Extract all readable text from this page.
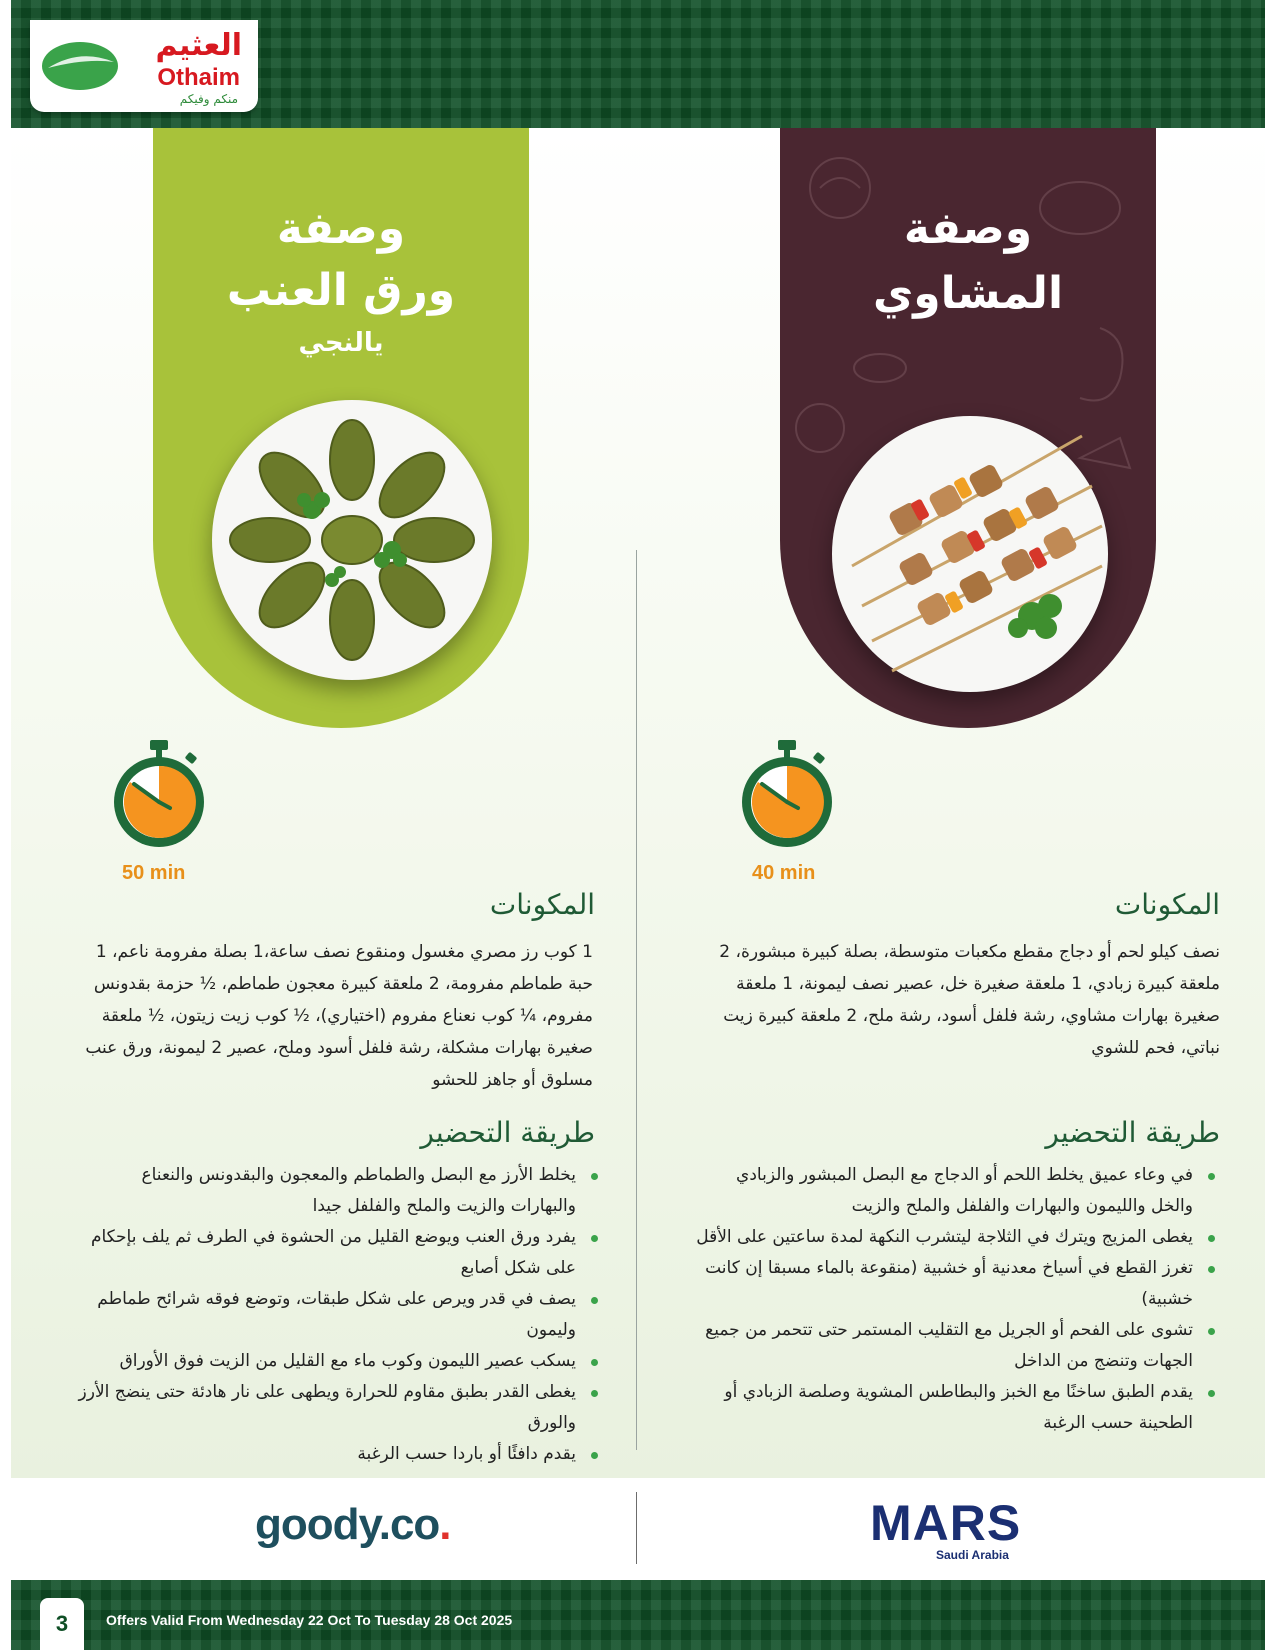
العثيم
Othaim
منكم وفيكم
وصفة
ورق العنب
يالنجي
وصفة
المشاوي
50 min	40 min
المكونات
1 كوب رز مصري مغسول ومنقوع نصف ساعة،1 بصلة مفرومة ناعم، 1 حبة طماطم مفرومة، 2 ملعقة كبيرة معجون طماطم، ½ حزمة بقدونس مفروم، ¼ كوب نعناع مفروم (اختياري)، ½ كوب زيت زيتون، ½ ملعقة صغيرة بهارات مشكلة، رشة فلفل أسود وملح، عصير 2 ليمونة، ورق عنب مسلوق أو جاهز للحشو
طريقة التحضير
يخلط الأرز مع البصل والطماطم والمعجون والبقدونس والنعناع والبهارات والزيت والملح والفلفل جيدا
يفرد ورق العنب ويوضع القليل من الحشوة في الطرف ثم يلف بإحكام على شكل أصابع
يصف في قدر ويرص على شكل طبقات، وتوضع فوقه شرائح طماطم وليمون
يسكب عصير الليمون وكوب ماء مع القليل من الزيت فوق الأوراق
يغطى القدر بطبق مقاوم للحرارة ويطهى على نار هادئة حتى ينضج الأرز والورق
يقدم دافئًا أو باردا حسب الرغبة
المكونات
نصف كيلو لحم أو دجاج مقطع مكعبات متوسطة، بصلة كبيرة مبشورة، 2 ملعقة كبيرة زبادي، 1 ملعقة صغيرة خل، عصير نصف ليمونة، 1 ملعقة صغيرة بهارات مشاوي، رشة فلفل أسود، رشة ملح، 2 ملعقة كبيرة زيت نباتي، فحم للشوي
طريقة التحضير
في وعاء عميق يخلط اللحم أو الدجاج مع البصل المبشور والزبادي والخل والليمون والبهارات والفلفل والملح والزيت
يغطى المزيج ويترك في الثلاجة ليتشرب النكهة لمدة ساعتين على الأقل
تغرز القطع في أسياخ معدنية أو خشبية (منقوعة بالماء مسبقا إن كانت خشبية)
تشوى على الفحم أو الجريل مع التقليب المستمر حتى تتحمر من جميع الجهات وتنضج من الداخل
يقدم الطبق ساخنًا مع الخبز والبطاطس المشوية وصلصة الزبادي أو الطحينة حسب الرغبة
goody.co.	MARS
Saudi Arabia
3	Offers Valid From Wednesday 22 Oct To Tuesday 28 Oct 2025
